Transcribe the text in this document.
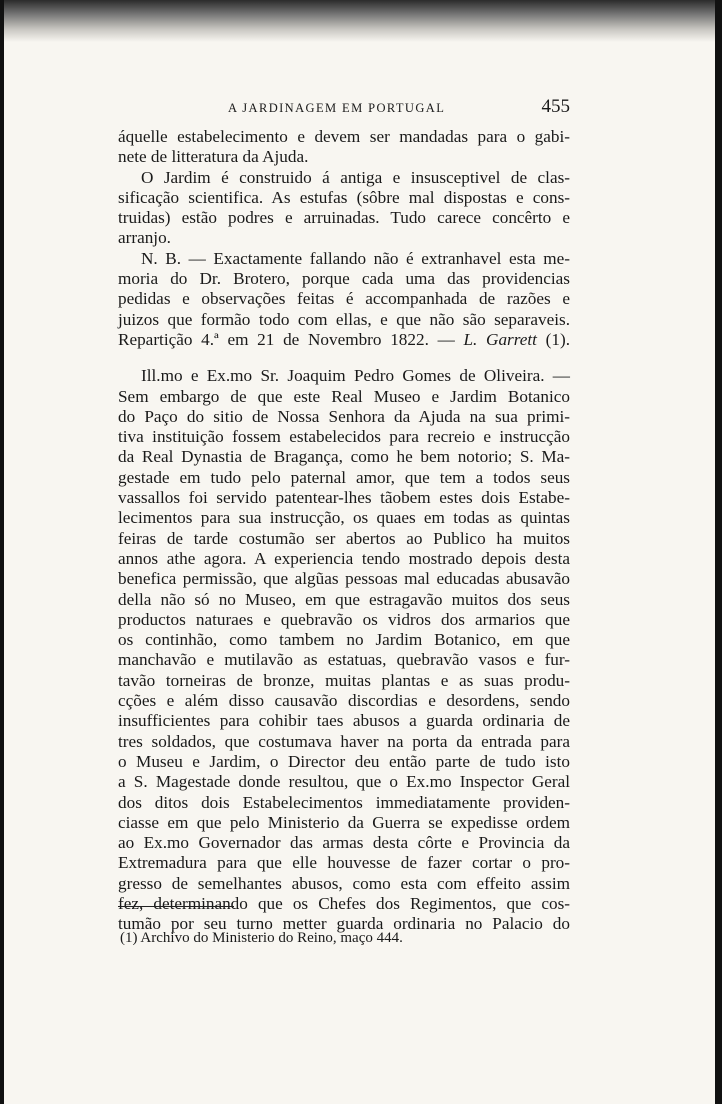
A JARDINAGEM EM PORTUGAL	455

áquelle estabelecimento e devem ser mandadas para o gabi-
nete de litteratura da Ajuda.

O Jardim é construido á antiga e insusceptivel de clas-
sificação scientifica. As estufas (sôbre mal dispostas e cons-
truidas) estão podres e arruinadas. Tudo carece concêrto e
arranjo.

N. B. — Exactamente fallando não é extranhavel esta me-
moria do Dr. Brotero, porque cada uma das providencias
pedidas e observações feitas é accompanhada de razões e
juizos que formão todo com ellas, e que não são separaveis.
Repartição 4.ª em 21 de Novembro 1822. — L. Garrett (1).

Ill.mo e Ex.mo Sr. Joaquim Pedro Gomes de Oliveira. —
Sem embargo de que este Real Museo e Jardim Botanico
do Paço do sitio de Nossa Senhora da Ajuda na sua primi-
tiva instituição fossem estabelecidos para recreio e instrucção
da Real Dynastia de Bragança, como he bem notorio; S. Ma-
gestade em tudo pelo paternal amor, que tem a todos seus
vassallos foi servido patentear-lhes tãobem estes dois Estabe-
lecimentos para sua instrucção, os quaes em todas as quintas
feiras de tarde costumão ser abertos ao Publico ha muitos
annos athe agora. A experiencia tendo mostrado depois desta
benefica permissão, que algũas pessoas mal educadas abusavão
della não só no Museo, em que estragavão muitos dos seus
productos naturaes e quebravão os vidros dos armarios que
os continhão, como tambem no Jardim Botanico, em que
manchavão e mutilavão as estatuas, quebravão vasos e fur-
tavão torneiras de bronze, muitas plantas e as suas produ-
cções e além disso causavão discordias e desordens, sendo
insufficientes para cohibir taes abusos a guarda ordinaria de
tres soldados, que costumava haver na porta da entrada para
o Museu e Jardim, o Director deu então parte de tudo isto
a S. Magestade donde resultou, que o Ex.mo Inspector Geral
dos ditos dois Estabelecimentos immediatamente providen-
ciasse em que pelo Ministerio da Guerra se expedisse ordem
ao Ex.mo Governador das armas desta côrte e Provincia da
Extremadura para que elle houvesse de fazer cortar o pro-
gresso de semelhantes abusos, como esta com effeito assim
fez, determinando que os Chefes dos Regimentos, que cos-
tumão por seu turno metter guarda ordinaria no Palacio do

(1) Archivo do Ministerio do Reino, maço 444.
